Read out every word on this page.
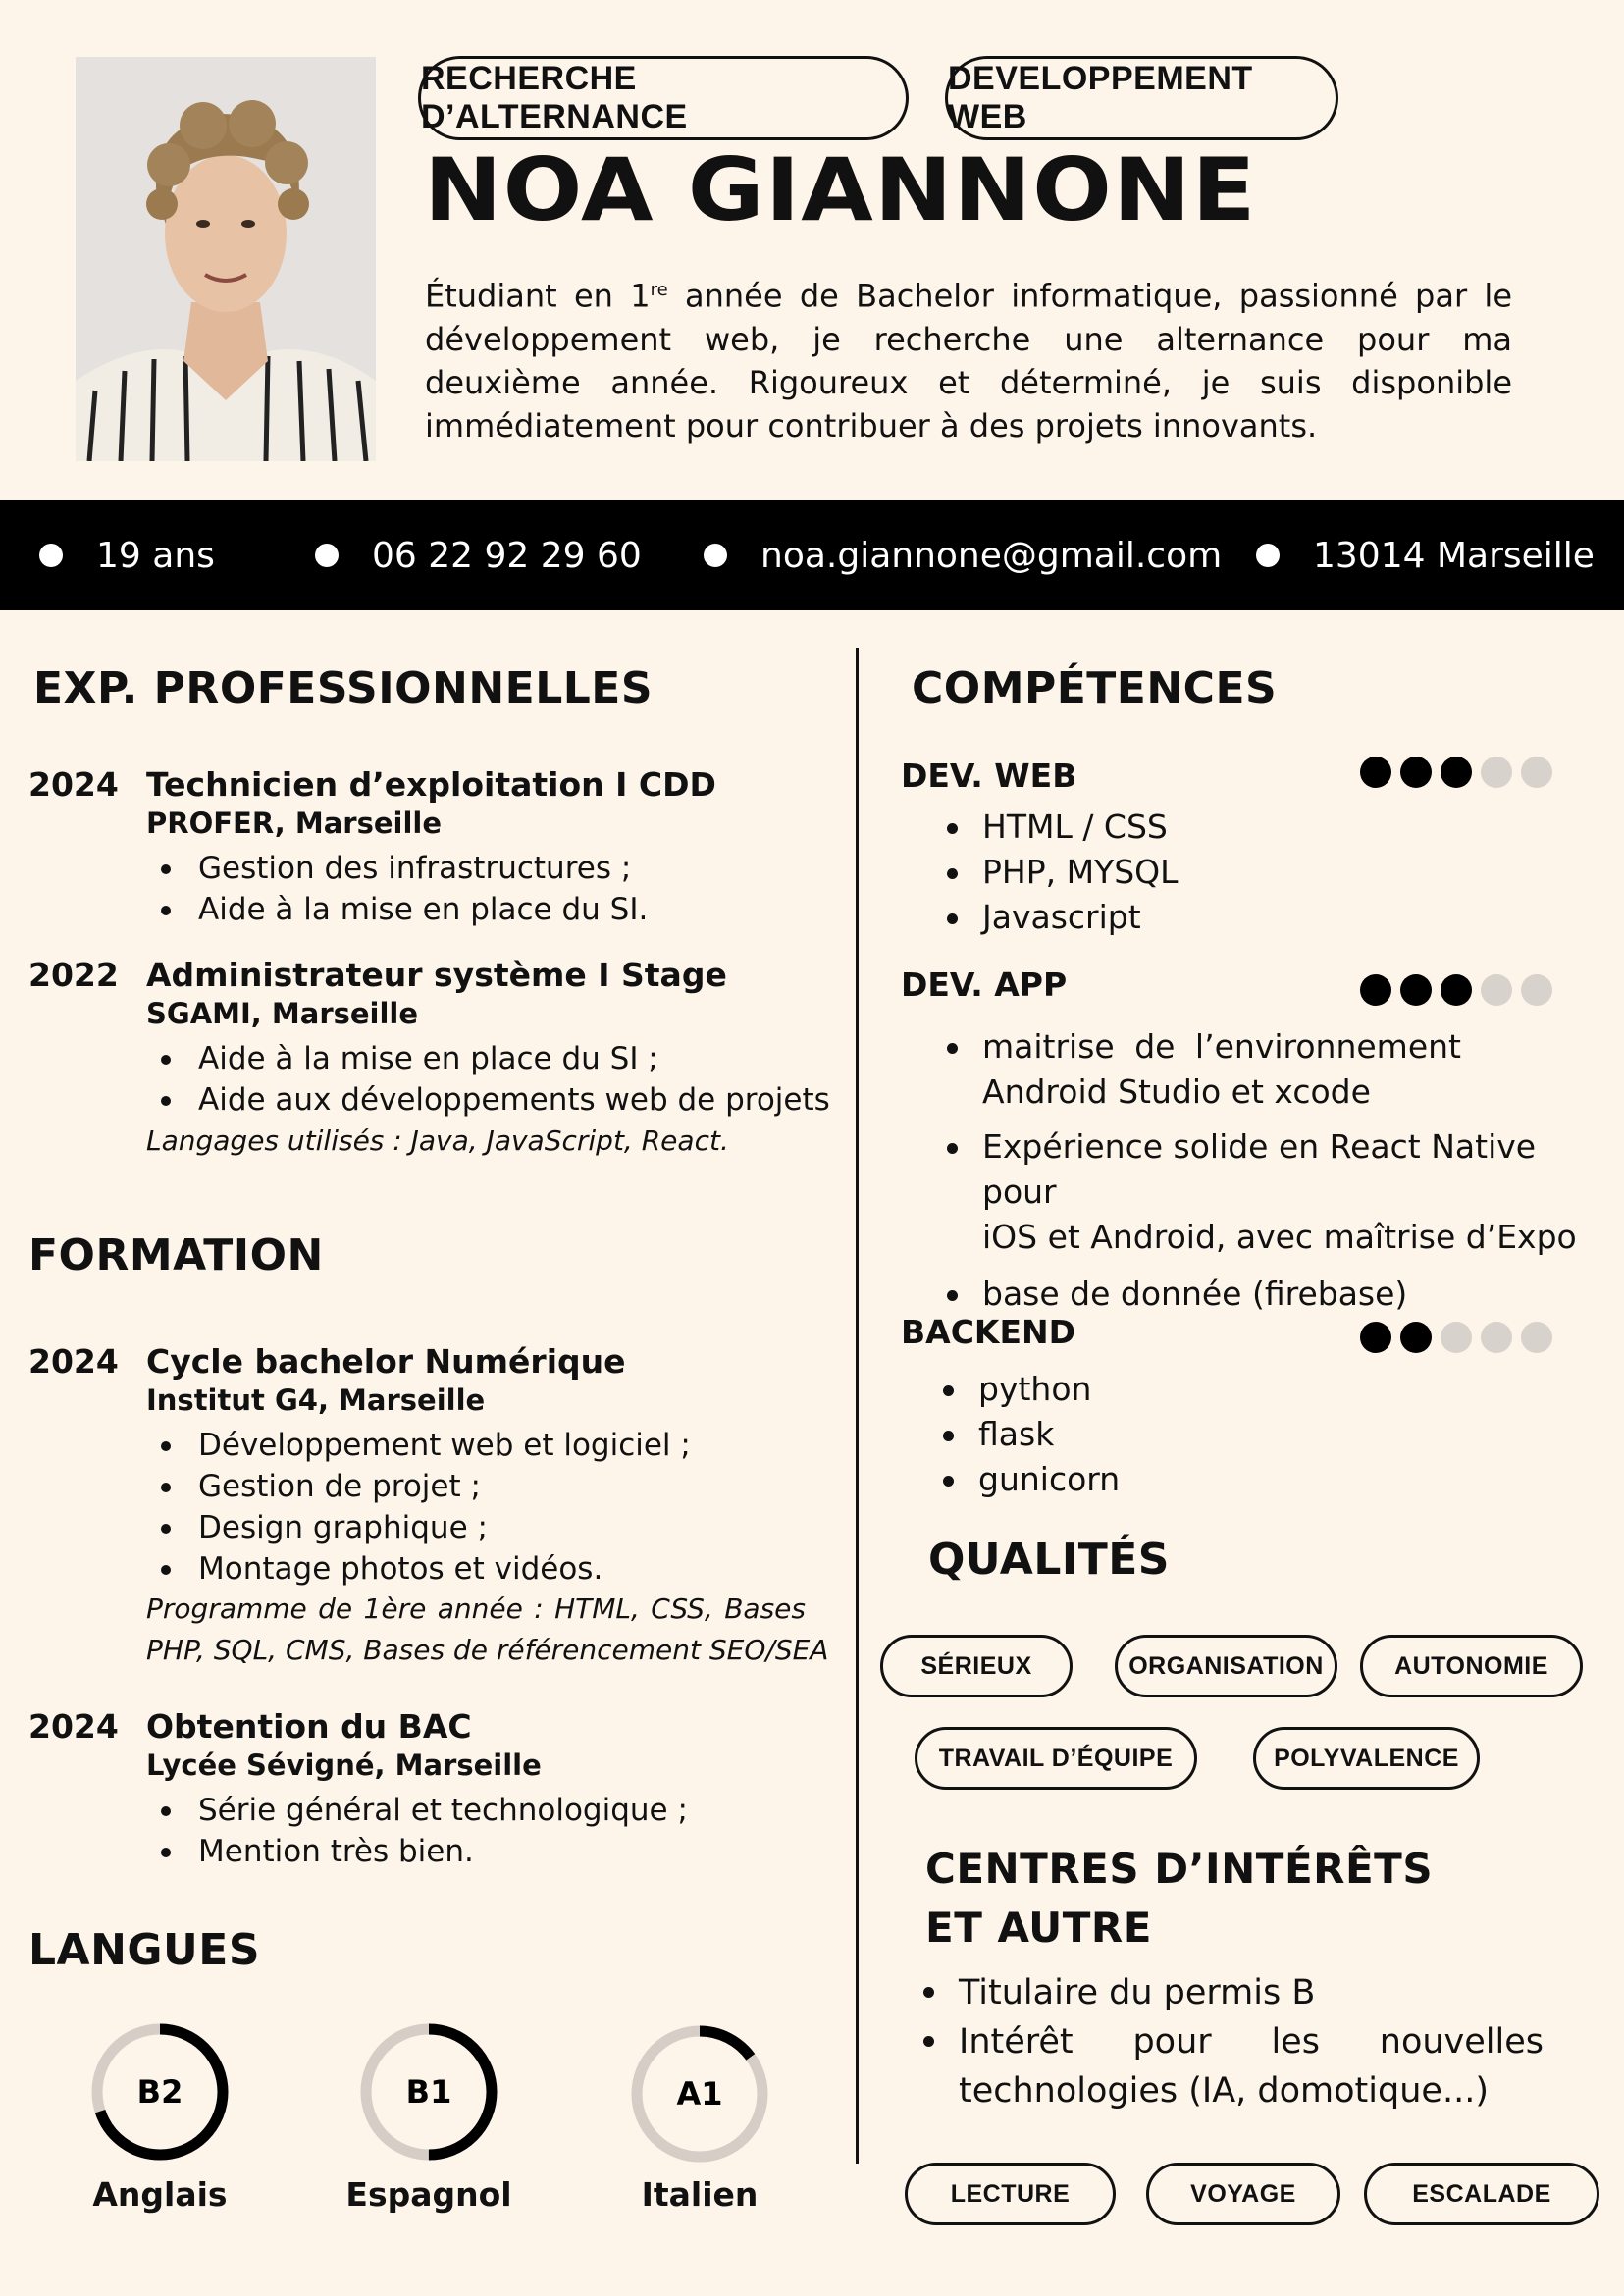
RECHERCHE D’ALTERNANCE
DEVELOPPEMENT WEB
NOA GIANNONE
Étudiant en 1re année de Bachelor informatique, passionné par le développement web, je recherche une alternance pour ma deuxième année. Rigoureux et déterminé, je suis disponible immédiatement pour contribuer à des projets innovants.
19 ans	06 22 92 29 60	noa.giannone@gmail.com	13014 Marseille
EXP. PROFESSIONNELLES
2024 Technicien d’exploitation I CDD
PROFER, Marseille
Gestion des infrastructures ;
Aide à la mise en place du SI.
2022 Administrateur système I Stage
SGAMI, Marseille
Aide à la mise en place du SI ;
Aide aux développements web de projets
Langages utilisés : Java, JavaScript, React.
FORMATION
2024 Cycle bachelor Numérique
Institut G4, Marseille
Développement web et logiciel ;
Gestion de projet ;
Design graphique ;
Montage photos et vidéos.
Programme de 1ère année : HTML, CSS, Bases
PHP, SQL, CMS, Bases de référencement SEO/SEA
2024 Obtention du BAC
Lycée Sévigné, Marseille
Série général et technologique ;
Mention très bien.
LANGUES
B2
Anglais
B1
Espagnol
A1
Italien
COMPÉTENCES
DEV. WEB
HTML / CSS
PHP, MYSQL
Javascript
DEV. APP
maitrise de l’environnement
Android Studio et xcode
Expérience solide en React Native pour
iOS et Android, avec maîtrise d’Expo
base de donnée (firebase)
BACKEND
python
flask
gunicorn
QUALITÉS
SÉRIEUX	ORGANISATION	AUTONOMIE
TRAVAIL D’ÉQUIPE	POLYVALENCE
CENTRES D’INTÉRÊTS
ET AUTRE
Titulaire du permis B
Intérêt pour les nouvelles
technologies (IA, domotique...)
LECTURE	VOYAGE	ESCALADE
